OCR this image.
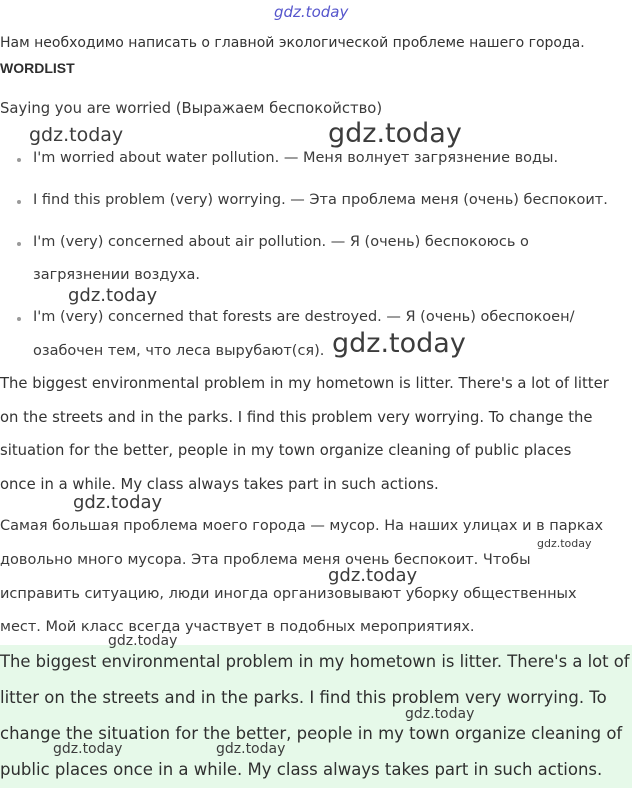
gdz.today
Нам необходимо написать о главной экологической проблеме нашего города.
WORDLIST
Saying you are worried (Выражаем беспокойство)
I'm worried about water pollution. — Меня волнует загрязнение воды.
I find this problem (very) worrying. — Эта проблема меня (очень) беспокоит.
I'm (very) concerned about air pollution. — Я (очень) беспокоюсь о
загрязнении воздуха.
I'm (very) concerned that forests are destroyed. — Я (очень) обеспокоен/
озабочен тем, что леса вырубают(ся).
The biggest environmental problem in my hometown is litter. There's a lot of litter
on the streets and in the parks. I find this problem very worrying. To change the
situation for the better, people in my town organize cleaning of public places
once in a while. My class always takes part in such actions.
Самая большая проблема моего города — мусор. На наших улицах и в парках
довольно много мусора. Эта проблема меня очень беспокоит. Чтобы
исправить ситуацию, люди иногда организовывают уборку общественных
мест. Мой класс всегда участвует в подобных мероприятиях.
The biggest environmental problem in my hometown is litter. There's a lot of
litter on the streets and in the parks. I find this problem very worrying. To
change the situation for the better, people in my town organize cleaning of
public places once in a while. My class always takes part in such actions.
gdz.today	gdz.today
gdz.today
gdz.today
gdz.today
gdz.today
gdz.today
gdz.today
gdz.today
gdz.today	gdz.today
